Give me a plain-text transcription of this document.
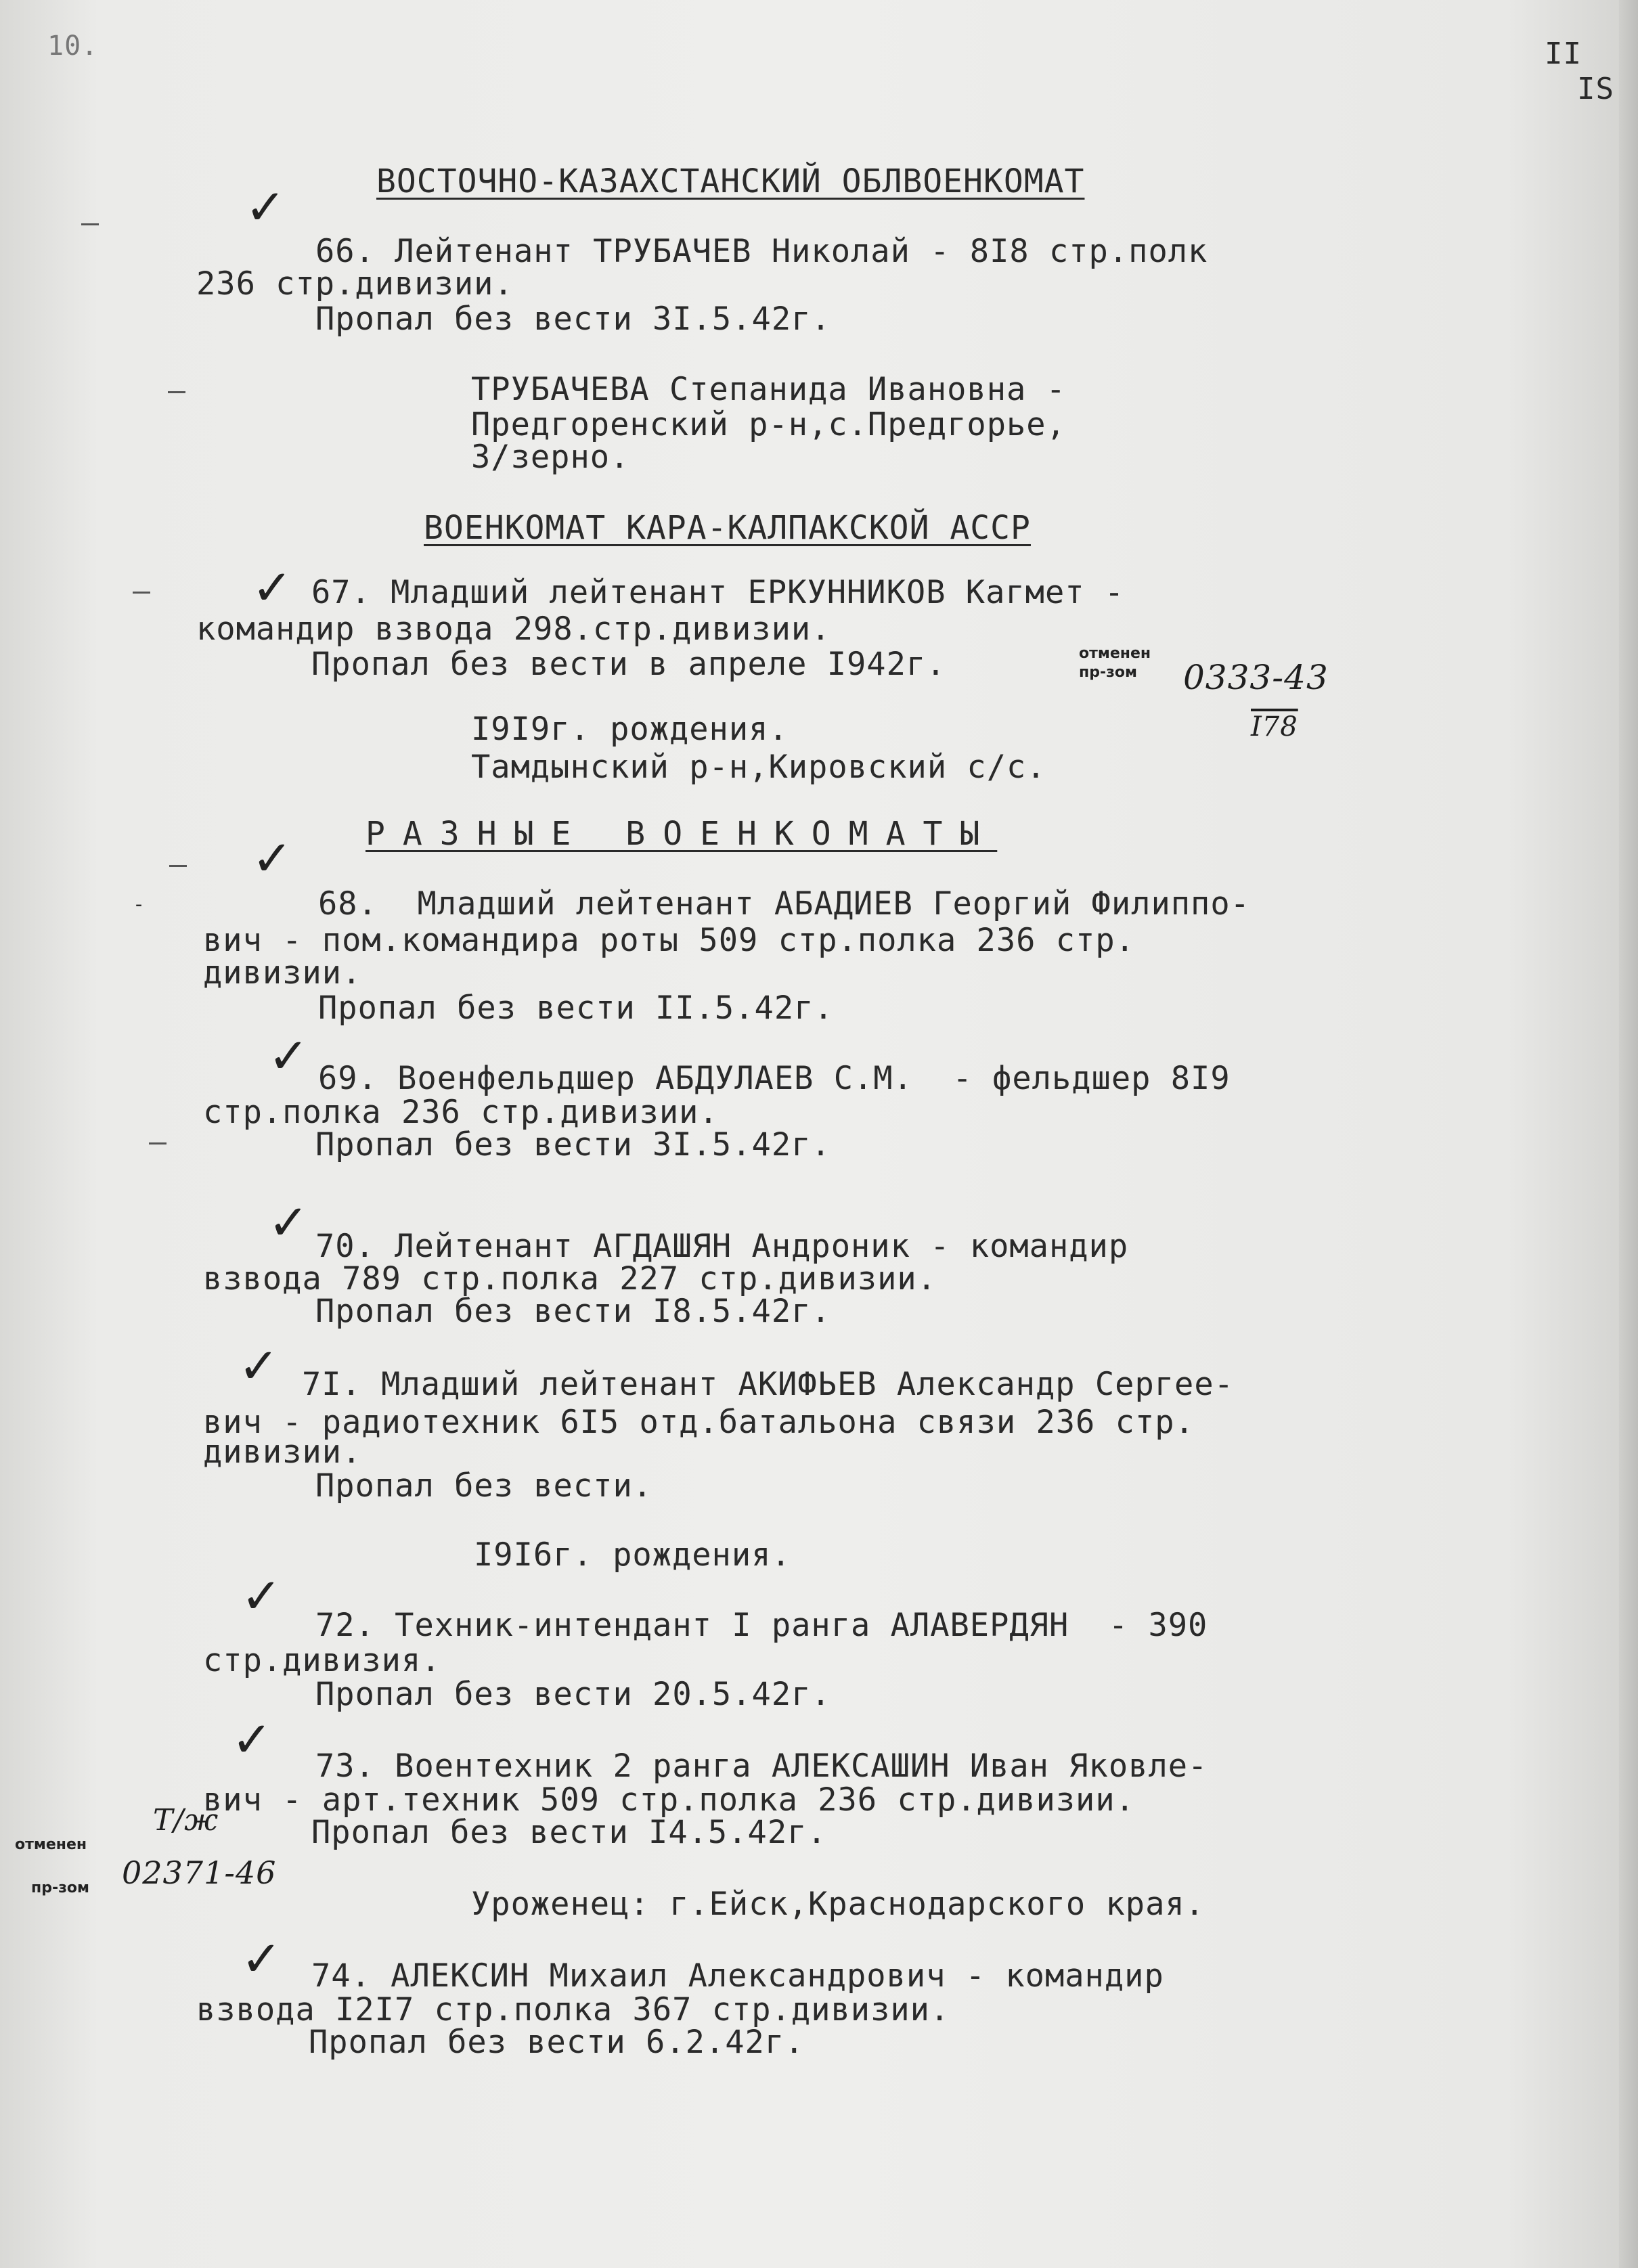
10.	II
IS
ВОСТОЧНО-КАЗАХСТАНСКИЙ ОБЛВОЕНКОМАТ
✓
66. Лейтенант ТРУБАЧЕВ Николай - 8I8 стр.полк
236 стр.дивизии.
Пропал без вести 3I.5.42г.
ТРУБАЧЕВА Степанида Ивановна -
Предгоренский р-н,с.Предгорье,
З/зерно.
ВОЕНКОМАТ КАРА-КАЛПАКСКОЙ АССР
✓ 67. Младший лейтенант ЕРКУННИКОВ Кагмет -
командир взвода 298.стр.дивизии.
Пропал без вести в апреле I942г.	отменен
пр-зом	0333-43
I78
I9I9г. рождения.
Тамдынский р-н,Кировский с/с.
РАЗНЫЕ ВОЕНКОМАТЫ
✓
-	68.  Младший лейтенант АБАДИЕВ Георгий Филиппо-
вич - пом.командира роты 509 стр.полка 236 стр.
дивизии.
Пропал без вести II.5.42г.
✓ 69. Военфельдшер АБДУЛАЕВ С.М.  - фельдшер 8I9
стр.полка 236 стр.дивизии.
Пропал без вести 3I.5.42г.
✓ 70. Лейтенант АГДАШЯН Андроник - командир
взвода 789 стр.полка 227 стр.дивизии.
Пропал без вести I8.5.42г.
✓ 7I. Младший лейтенант АКИФЬЕВ Александр Сергее-
вич - радиотехник 6I5 отд.батальона связи 236 стр.
дивизии.
Пропал без вести.
I9I6г. рождения.
✓
72. Техник-интендант I ранга АЛАВЕРДЯН  - 390
стр.дивизия.
Пропал без вести 20.5.42г.
✓ 73. Воентехник 2 ранга АЛЕКСАШИН Иван Яковле-
вич - арт.техник 509 стр.полка 236 стр.дивизии.
Пропал без вести I4.5.42г.
Т/ж
отменен
пр-зом 02371-46
Уроженец: г.Ейск,Краснодарского края.
✓ 74. АЛЕКСИН Михаил Александрович - командир
взвода I2I7 стр.полка 367 стр.дивизии.
Пропал без вести 6.2.42г.
